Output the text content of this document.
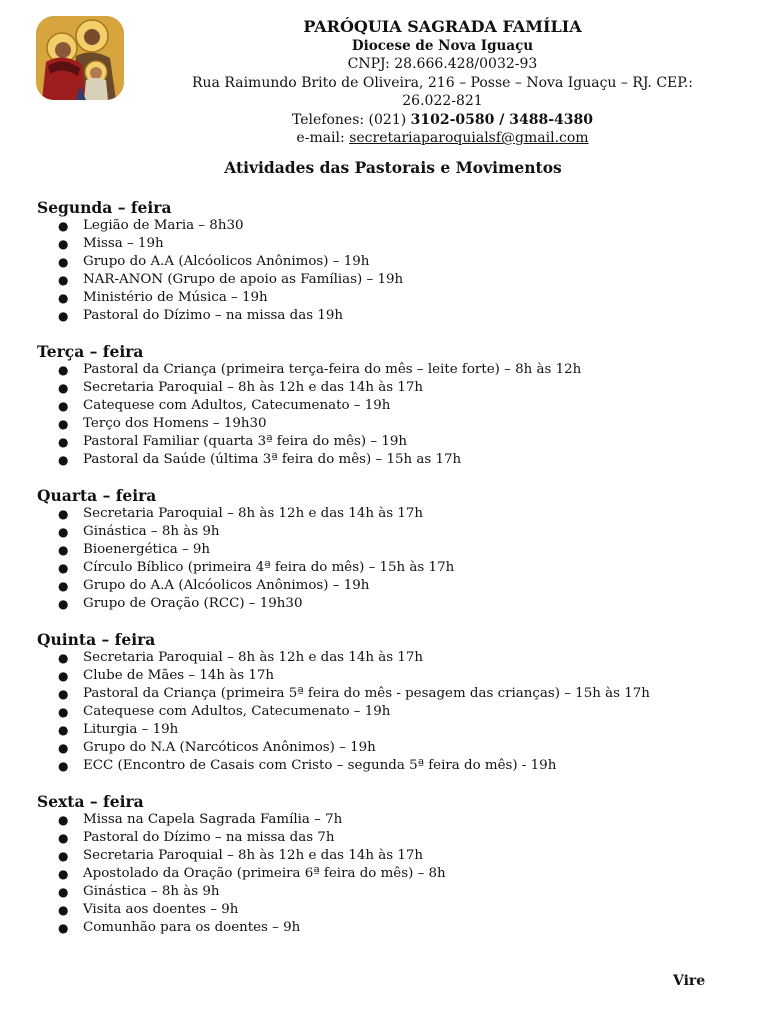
PARÓQUIA SAGRADA FAMÍLIA
Diocese de Nova Iguaçu
CNPJ: 28.666.428/0032-93
Rua Raimundo Brito de Oliveira, 216 – Posse – Nova Iguaçu – RJ. CEP.: 26.022-821
Telefones: (021) 3102-0580 / 3488-4380
e-mail: secretariaparoquialsf@gmail.com
Atividades das Pastorais e Movimentos
Segunda – feira
● Legião de Maria – 8h30
● Missa – 19h
● Grupo do A.A (Alcóolicos Anônimos) – 19h
● NAR-ANON (Grupo de apoio as Famílias) – 19h
● Ministério de Música – 19h
● Pastoral do Dízimo – na missa das 19h
Terça – feira
● Pastoral da Criança (primeira terça-feira do mês – leite forte) – 8h às 12h
● Secretaria Paroquial – 8h às 12h e das 14h às 17h
● Catequese com Adultos, Catecumenato – 19h
● Terço dos Homens – 19h30
● Pastoral Familiar (quarta 3ª feira do mês) – 19h
● Pastoral da Saúde (última 3ª feira do mês) – 15h as 17h
Quarta – feira
● Secretaria Paroquial – 8h às 12h e das 14h às 17h
● Ginástica – 8h às 9h
● Bioenergética – 9h
● Círculo Bíblico (primeira 4ª feira do mês) – 15h às 17h
● Grupo do A.A (Alcóolicos Anônimos) – 19h
● Grupo de Oração (RCC) – 19h30
Quinta – feira
● Secretaria Paroquial – 8h às 12h e das 14h às 17h
● Clube de Mães – 14h às 17h
● Pastoral da Criança (primeira 5ª feira do mês - pesagem das crianças) – 15h às 17h
● Catequese com Adultos, Catecumenato – 19h
● Liturgia – 19h
● Grupo do N.A (Narcóticos Anônimos) – 19h
● ECC (Encontro de Casais com Cristo – segunda 5ª feira do mês) - 19h
Sexta – feira
● Missa na Capela Sagrada Família – 7h
● Pastoral do Dízimo – na missa das 7h
● Secretaria Paroquial – 8h às 12h e das 14h às 17h
● Apostolado da Oração (primeira 6ª feira do mês) – 8h
● Ginástica – 8h às 9h
● Visita aos doentes – 9h
● Comunhão para os doentes – 9h
Vire
